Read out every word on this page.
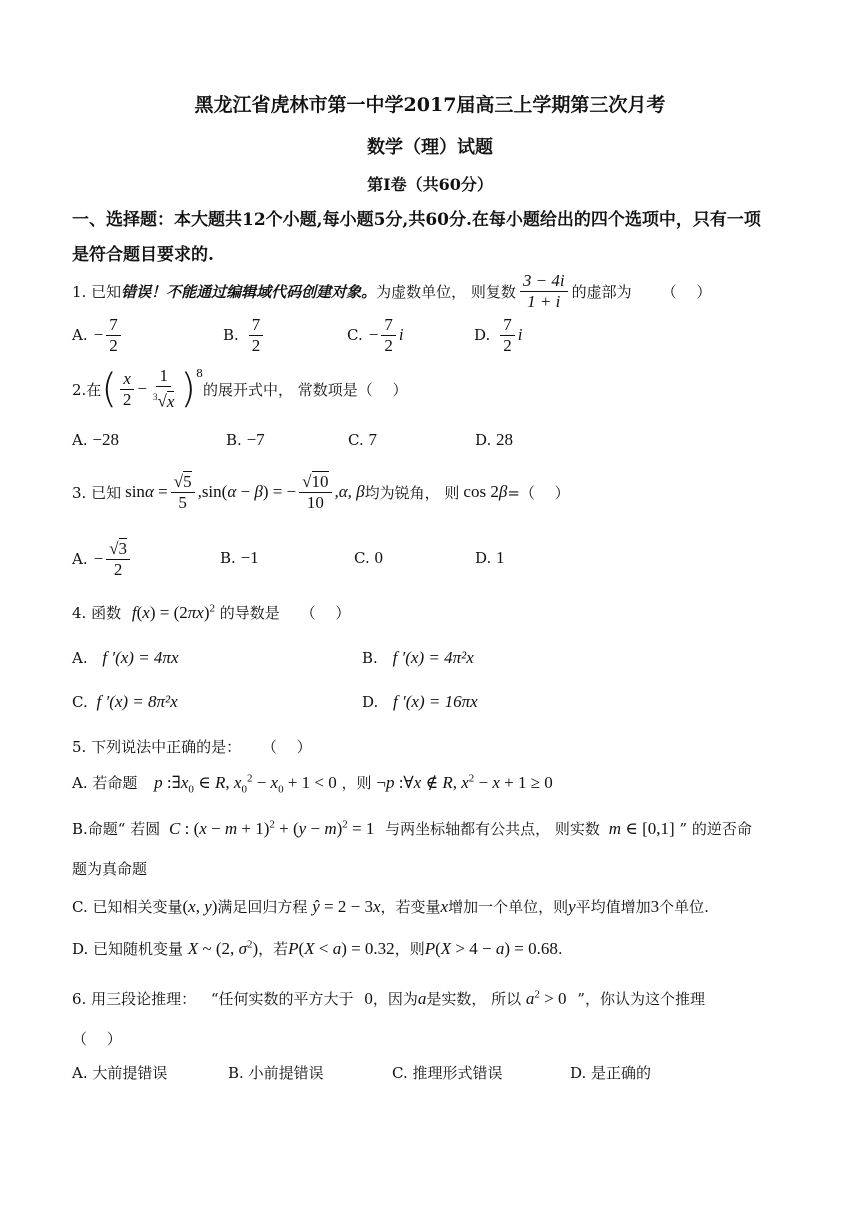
黑龙江省虎林市第一中学2017届高三上学期第三次月考
数学（理）试题
第Ⅰ卷（共60分）
一、选择题：本大题共12个小题,每小题5分,共60分.在每小题给出的四个选项中，只有一项
是符合题目要求的.
1. 已知 错误！不能通过编辑域代码创建对象。 为虚数单位， 则复数 $\frac{3 - 4i}{1 + i}$ 的虚部为 （　 ）
A. − $\frac{7}{2}$	B. $\frac{7}{2}$	C. − $\frac{7}{2}$ i	D. $\frac{7}{2}$ i
2.在 ( $\frac{x}{2} - \frac{1}{^3√x} )^8$
的展开式中， 常数项是（　 ）
A. −28	B. −7	C. 7	D. 28
3. 已知 $\sin \alpha = \frac{√5}{5} ,\sin(\alpha - \beta)$ = − $\frac{√10}{10} ,\alpha$, β 均为锐角， 则 cos 2β =（　 ）
A. − $\frac{√3}{2}$	B. −1	C. 0	D. 1
4. 函数 $f(x) = (2\pi x)^2$ 的导数是 （　 ）
A. f ′(x) = 4πx	B. f ′(x) = 4π²x
C. f ′(x) = 8π²x	D. f ′(x) = 16πx
5. 下列说法中正确的是： （　 ）
A. 若命题 p $:\exists x_0$ ∈ R, $x_0^2 - x_0 + 1 < 0$ ，则 ¬p :∀x ∉ R, $x^2 - x + 1 \ge 0$
B.命题“ 若圆 C : $(x - m + 1)^2 + (y - m)^2 = 1$ 与两坐标轴都有公共点， 则实数 m ∈ [0,1] ” 的逆否命
题为真命题
C. 已知相关变量(x, y)满足回归方程 ŷ = 2 − 3x，若变量x增加一个单位，则y平均值增加3个单位.
D. 已知随机变量 X ~ (2, $\sigma^2$)，若P(X < a) = 0.32，则P(X > 4 − a) = 0.68.
6. 用三段论推理： “任何实数的平方大于 0，因为a是实数， 所以 $a^2 > 0$ ”，你认为这个推理
（　 ）
A. 大前提错误	B. 小前提错误	C. 推理形式错误	D. 是正确的
